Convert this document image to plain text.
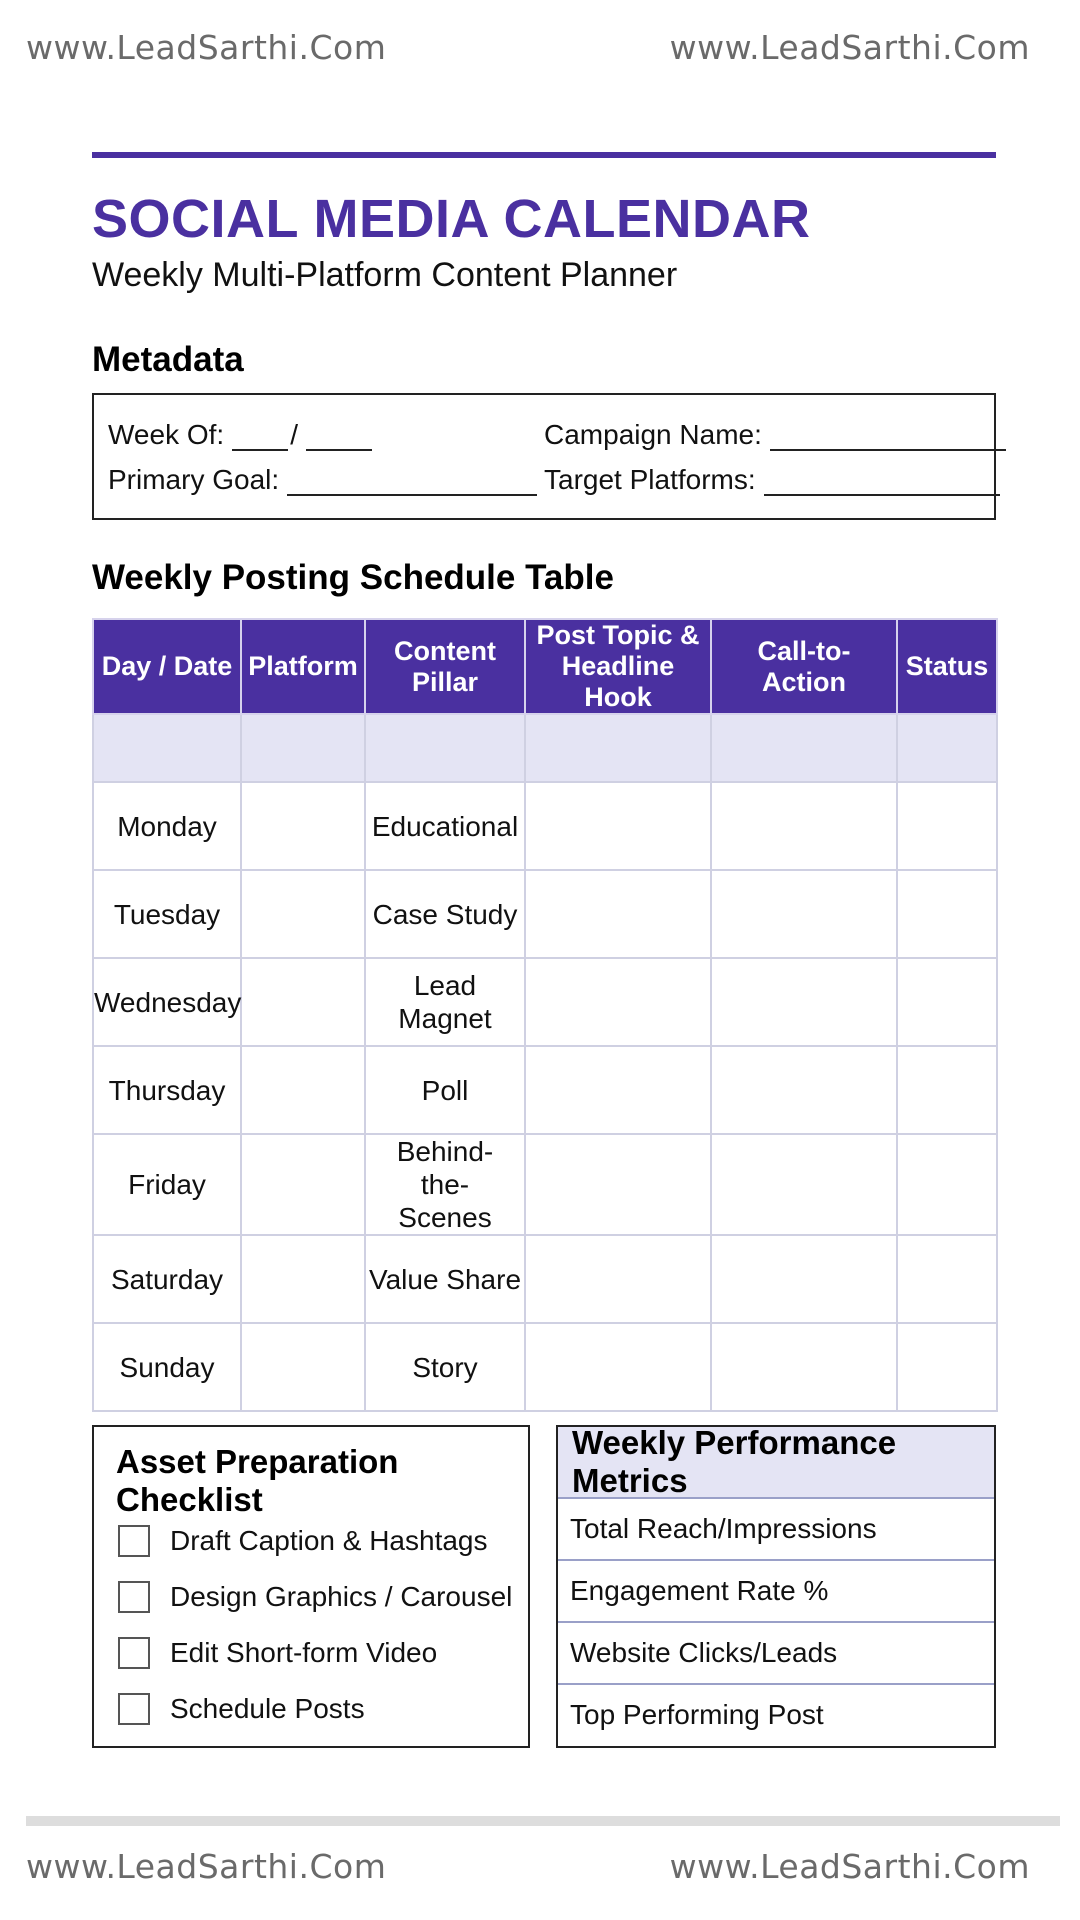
www.LeadSarthi.Com	www.LeadSarthi.Com
SOCIAL MEDIA CALENDAR
Weekly Multi-Platform Content Planner
Metadata
Week Of: /	Campaign Name:
Primary Goal:	Target Platforms:
Weekly Posting Schedule Table
Day / Date	Platform	Content Pillar	Post Topic & Headline Hook	Call-to-Action	Status

Monday		Educational			
Tuesday		Case Study			
Wednesday		Lead Magnet			
Thursday		Poll			
Friday		Behind-the-Scenes			
Saturday		Value Share			
Sunday		Story			
Asset Preparation Checklist
Draft Caption & Hashtags
Design Graphics / Carousel
Edit Short-form Video
Schedule Posts
Weekly Performance Metrics
Total Reach/Impressions
Engagement Rate %
Website Clicks/Leads
Top Performing Post
www.LeadSarthi.Com	www.LeadSarthi.Com
